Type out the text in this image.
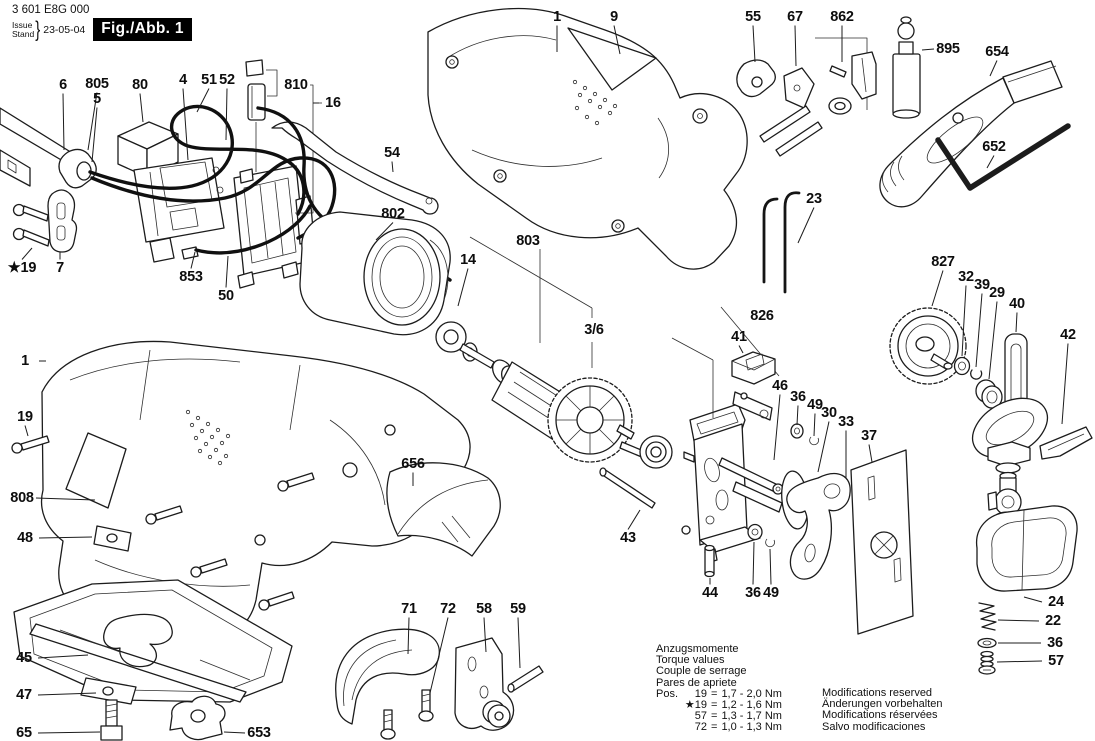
6 805
5
80 4 51 52	810
16
★19 7
853
50
54
802
1	9	55 67 862
895 654
652
23
14
803
3/6
656
1
19
808
48
45
47
65	653
71 72 58 59
826
41
46
36 49
30
33
37
43
44 36 49
827
32 39 29
40
42
24
22
36
57
3 601 E8G 000
Issue
Stand } 23-05-04	Fig./Abb. 1
Anzugsmomente
Torque values
Couple de serrage
Pares de apriete
Pos.	19 = 1,7 - 2,0 Nm
★19 = 1,2 - 1,6 Nm
57 = 1,3 - 1,7 Nm
72 = 1,0 - 1,3 Nm
Modifications reserved
Änderungen vorbehalten
Modifications réservées
Salvo modificaciones
